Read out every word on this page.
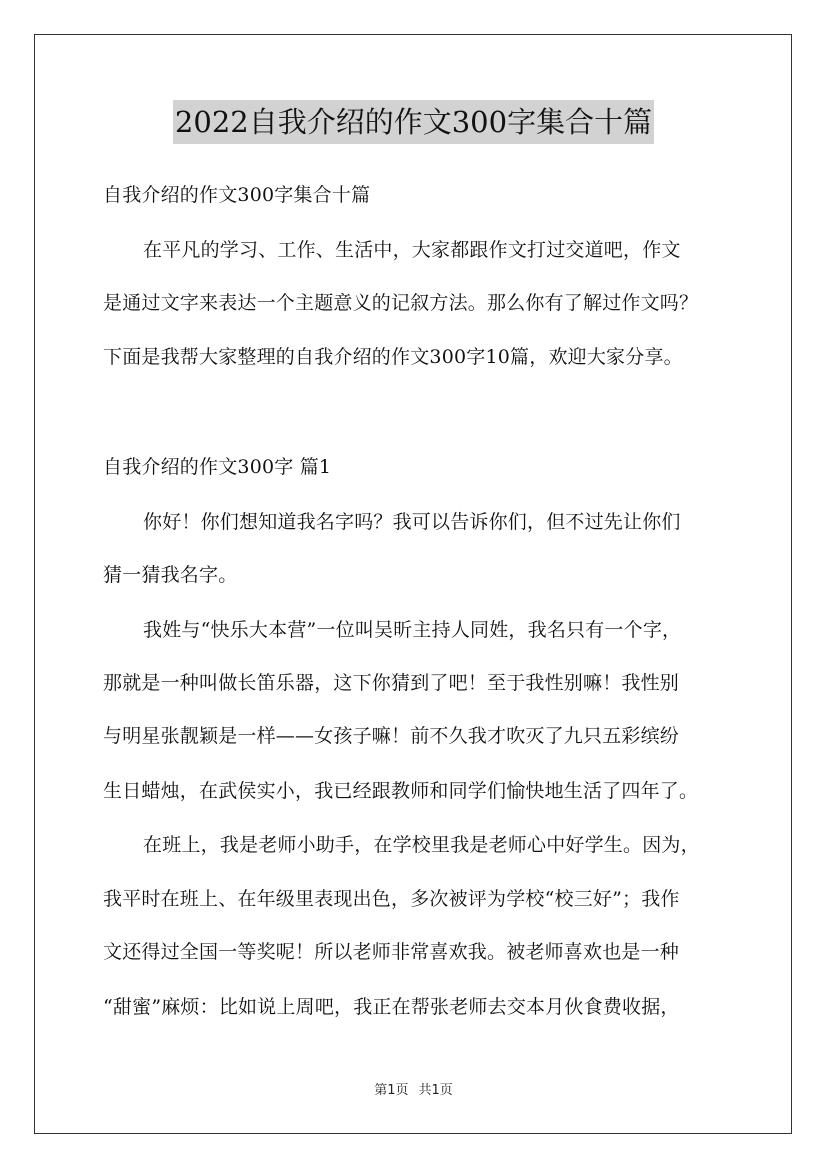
2022自我介绍的作文300字集合十篇
自我介绍的作文300字集合十篇
在平凡的学习、工作、生活中，大家都跟作文打过交道吧，作文
是通过文字来表达一个主题意义的记叙方法。那么你有了解过作文吗？
下面是我帮大家整理的自我介绍的作文300字10篇，欢迎大家分享。
自我介绍的作文300字 篇1
你好！你们想知道我名字吗？我可以告诉你们，但不过先让你们
猜一猜我名字。
我姓与“快乐大本营”一位叫吴昕主持人同姓，我名只有一个字，
那就是一种叫做长笛乐器，这下你猜到了吧！至于我性别嘛！我性别
与明星张靓颖是一样——女孩子嘛！前不久我才吹灭了九只五彩缤纷
生日蜡烛，在武侯实小，我已经跟教师和同学们愉快地生活了四年了。
在班上，我是老师小助手，在学校里我是老师心中好学生。因为，
我平时在班上、在年级里表现出色，多次被评为学校“校三好”；我作
文还得过全国一等奖呢！所以老师非常喜欢我。被老师喜欢也是一种
“甜蜜”麻烦：比如说上周吧，我正在帮张老师去交本月伙食费收据，
第1页 共1页
